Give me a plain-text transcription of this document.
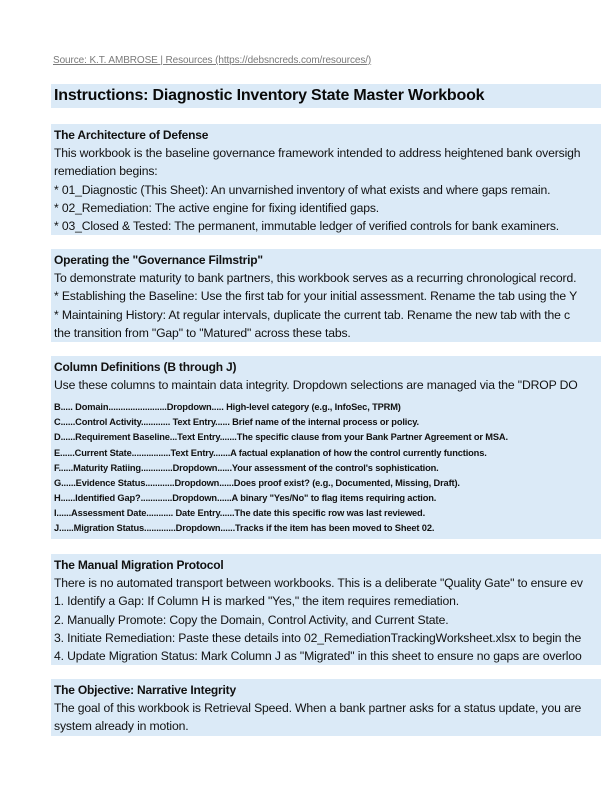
Source: K.T. AMBROSE | Resources (https://debsncreds.com/resources/)
Instructions: Diagnostic Inventory State Master Workbook
The Architecture of Defense
This workbook is the baseline governance framework intended to address heightened bank oversigh
remediation begins:
* 01_Diagnostic (This Sheet): An unvarnished inventory of what exists and where gaps remain.
* 02_Remediation: The active engine for fixing identified gaps.
* 03_Closed & Tested: The permanent, immutable ledger of verified controls for bank examiners.
Operating the "Governance Filmstrip"
To demonstrate maturity to bank partners, this workbook serves as a recurring chronological record.
* Establishing the Baseline: Use the first tab for your initial assessment. Rename the tab using the Y
* Maintaining History: At regular intervals, duplicate the current tab. Rename the new tab with the c
the transition from "Gap" to "Matured" across these tabs.
Column Definitions (B through J)
Use these columns to maintain data integrity. Dropdown selections are managed via the "DROP DO
B..... Domain........................Dropdown..... High-level category (e.g., InfoSec, TPRM)
C......Control Activity............ Text Entry...... Brief name of the internal process or policy.
D......Requirement Baseline...Text Entry.......The specific clause from your Bank Partner Agreement or MSA.
E......Current State................Text Entry.......A factual explanation of how the control currently functions.
F......Maturity Ratiing.............Dropdown......Your assessment of the control's sophistication.
G......Evidence Status............Dropdown......Does proof exist? (e.g., Documented, Missing, Draft).
H......Identified Gap?.............Dropdown......A binary "Yes/No" to flag items requiring action.
I......Assessment Date........... Date Entry......The date this specific row was last reviewed.
J......Migration Status.............Dropdown......Tracks if the item has been moved to Sheet 02.
The Manual Migration Protocol
There is no automated transport between workbooks. This is a deliberate "Quality Gate" to ensure ev
1. Identify a Gap: If Column H is marked "Yes," the item requires remediation.
2. Manually Promote: Copy the Domain, Control Activity, and Current State.
3. Initiate Remediation: Paste these details into 02_RemediationTrackingWorksheet.xlsx to begin the
4. Update Migration Status: Mark Column J as "Migrated" in this sheet to ensure no gaps are overloo
The Objective: Narrative Integrity
The goal of this workbook is Retrieval Speed. When a bank partner asks for a status update, you are
system already in motion.
